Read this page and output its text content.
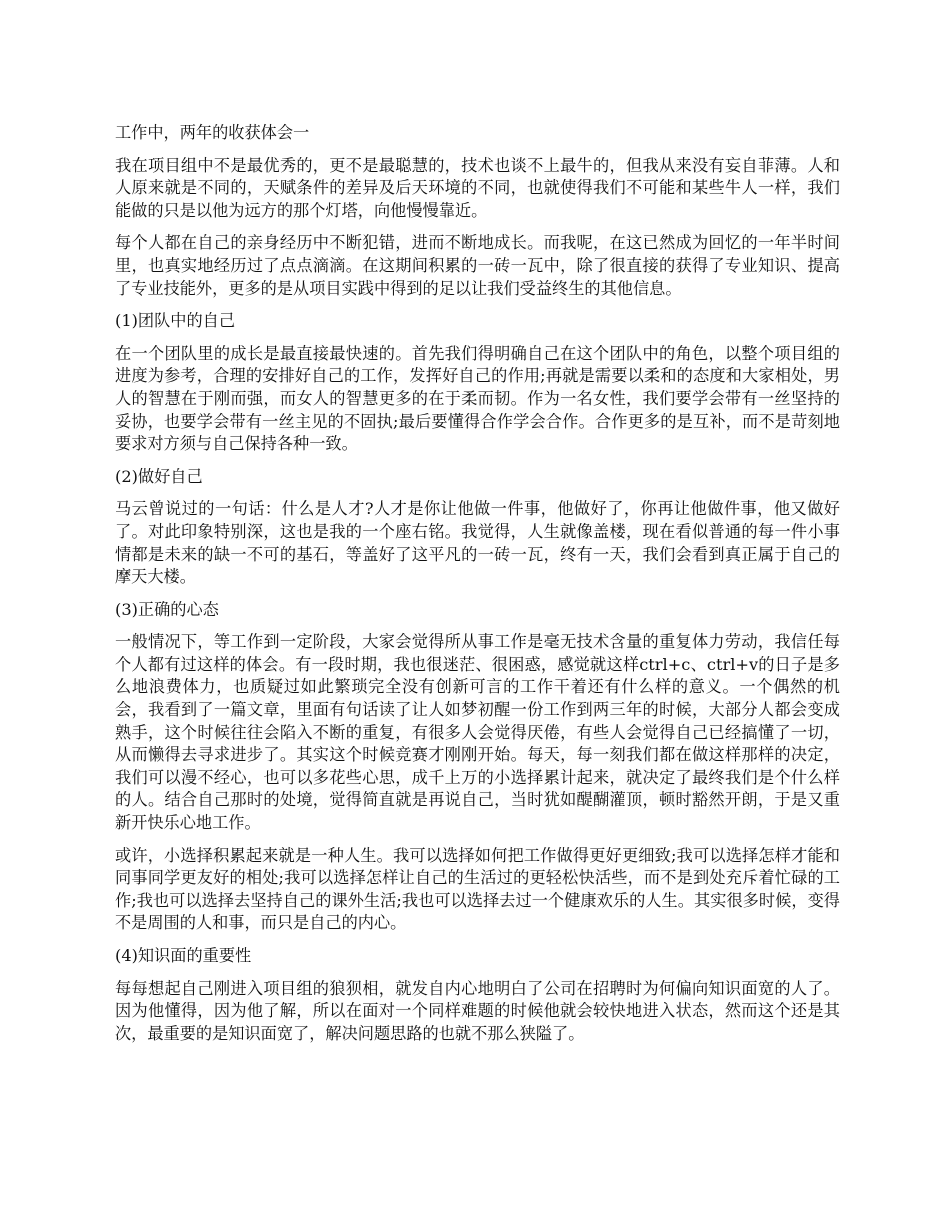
工作中，两年的收获体会一

我在项目组中不是最优秀的，更不是最聪慧的，技术也谈不上最牛的，但我从来没有妄自菲薄。人和人原来就是不同的，天赋条件的差异及后天环境的不同，也就使得我们不可能和某些牛人一样，我们能做的只是以他为远方的那个灯塔，向他慢慢靠近。

每个人都在自己的亲身经历中不断犯错，进而不断地成长。而我呢，在这已然成为回忆的一年半时间里，也真实地经历过了点点滴滴。在这期间积累的一砖一瓦中，除了很直接的获得了专业知识、提高了专业技能外，更多的是从项目实践中得到的足以让我们受益终生的其他信息。

(1)团队中的自己

在一个团队里的成长是最直接最快速的。首先我们得明确自己在这个团队中的角色，以整个项目组的进度为参考，合理的安排好自己的工作，发挥好自己的作用;再就是需要以柔和的态度和大家相处，男人的智慧在于刚而强，而女人的智慧更多的在于柔而韧。作为一名女性，我们要学会带有一丝坚持的妥协，也要学会带有一丝主见的不固执;最后要懂得合作学会合作。合作更多的是互补，而不是苛刻地要求对方须与自己保持各种一致。

(2)做好自己

马云曾说过的一句话：什么是人才?人才是你让他做一件事，他做好了，你再让他做件事，他又做好了。对此印象特别深，这也是我的一个座右铭。我觉得，人生就像盖楼，现在看似普通的每一件小事情都是未来的缺一不可的基石，等盖好了这平凡的一砖一瓦，终有一天，我们会看到真正属于自己的摩天大楼。

(3)正确的心态

一般情况下，等工作到一定阶段，大家会觉得所从事工作是毫无技术含量的重复体力劳动，我信任每个人都有过这样的体会。有一段时期，我也很迷茫、很困惑，感觉就这样ctrl+c、ctrl+v的日子是多么地浪费体力，也质疑过如此繁琐完全没有创新可言的工作干着还有什么样的意义。一个偶然的机会，我看到了一篇文章，里面有句话读了让人如梦初醒一份工作到两三年的时候，大部分人都会变成熟手，这个时候往往会陷入不断的重复，有很多人会觉得厌倦，有些人会觉得自己已经搞懂了一切，从而懒得去寻求进步了。其实这个时候竞赛才刚刚开始。每天，每一刻我们都在做这样那样的决定，我们可以漫不经心，也可以多花些心思，成千上万的小选择累计起来，就决定了最终我们是个什么样的人。结合自己那时的处境，觉得简直就是再说自己，当时犹如醍醐灌顶，顿时豁然开朗，于是又重新开快乐心地工作。

或许，小选择积累起来就是一种人生。我可以选择如何把工作做得更好更细致;我可以选择怎样才能和同事同学更友好的相处;我可以选择怎样让自己的生活过的更轻松快活些，而不是到处充斥着忙碌的工作;我也可以选择去坚持自己的课外生活;我也可以选择去过一个健康欢乐的人生。其实很多时候，变得不是周围的人和事，而只是自己的内心。

(4)知识面的重要性

每每想起自己刚进入项目组的狼狈相，就发自内心地明白了公司在招聘时为何偏向知识面宽的人了。因为他懂得，因为他了解，所以在面对一个同样难题的时候他就会较快地进入状态，然而这个还是其次，最重要的是知识面宽了，解决问题思路的也就不那么狭隘了。
